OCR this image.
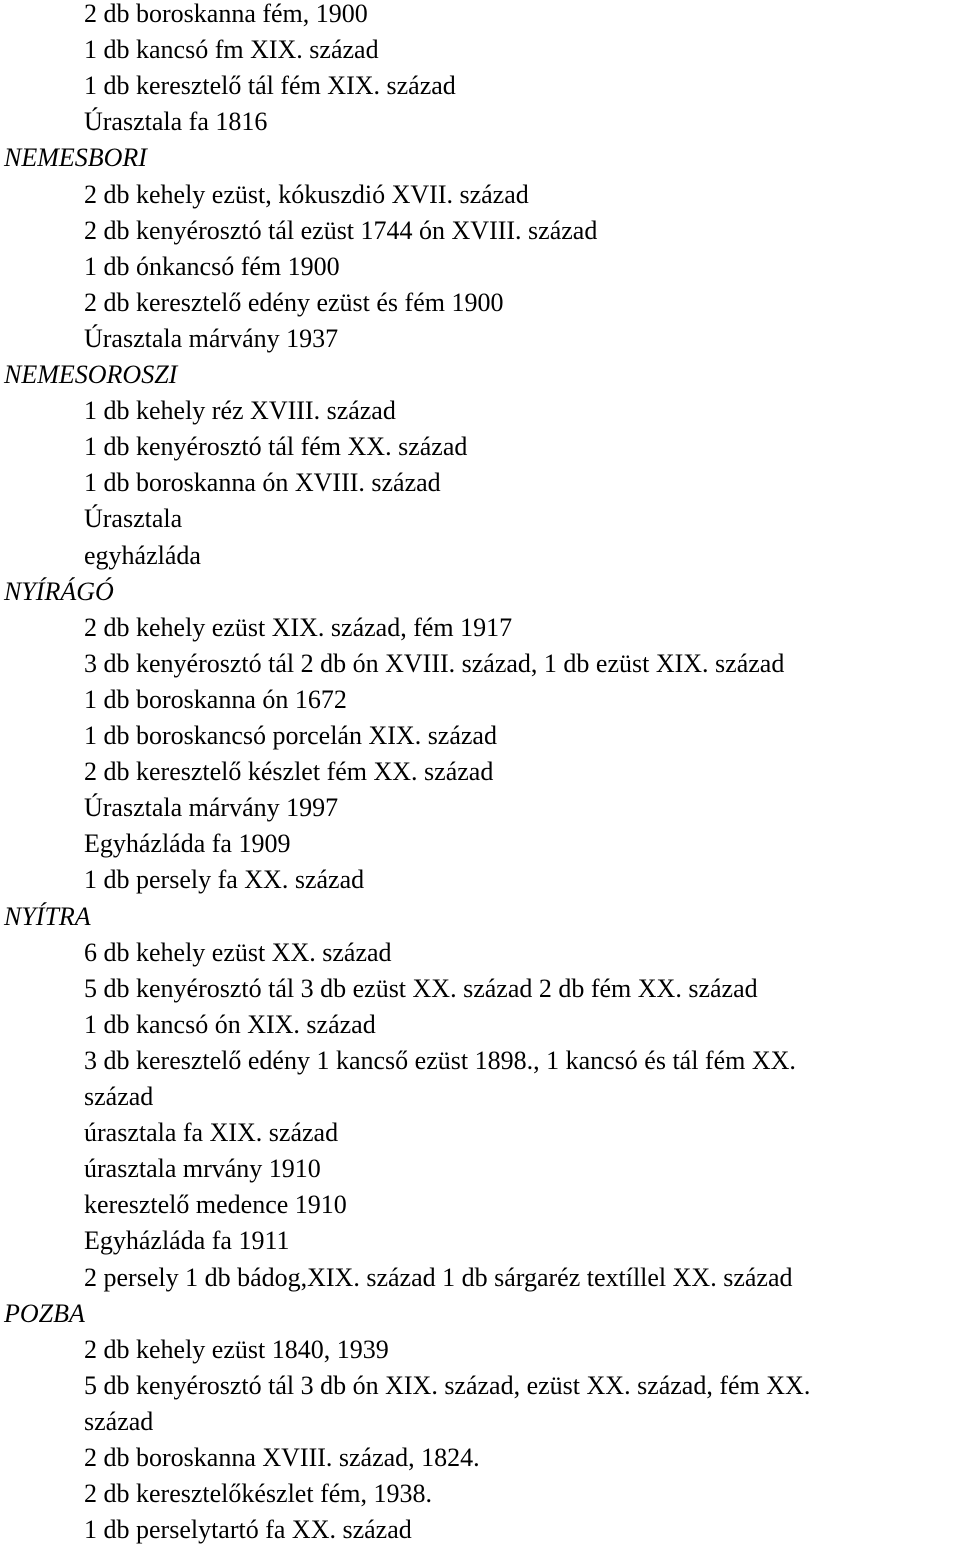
2 db boroskanna fém, 1900
1 db kancsó fm XIX. század
1 db keresztelő tál fém XIX. század
Úrasztala fa 1816
NEMESBORI
2 db kehely ezüst, kókuszdió XVII. század
2 db kenyérosztó tál ezüst 1744 ón XVIII. század
1 db ónkancsó fém 1900
2 db keresztelő edény ezüst és fém 1900
Úrasztala márvány 1937
NEMESOROSZI
1 db kehely réz XVIII. század
1 db kenyérosztó tál fém XX. század
1 db boroskanna ón XVIII. század
Úrasztala
egyházláda
NYÍRÁGÓ
2 db kehely ezüst XIX. század, fém 1917
3 db kenyérosztó tál 2 db ón XVIII. század, 1 db ezüst XIX. század
1 db boroskanna ón 1672
1 db boroskancsó porcelán XIX. század
2 db keresztelő készlet fém XX. század
Úrasztala márvány 1997
Egyházláda fa 1909
1 db persely fa XX. század
NYÍTRA
6 db kehely ezüst XX. század
5 db kenyérosztó tál 3 db ezüst XX. század 2 db fém XX. század
1 db kancsó ón XIX. század
3 db keresztelő edény 1 kancső ezüst 1898., 1 kancsó és tál fém XX.
század
úrasztala fa XIX. század
úrasztala mrvány 1910
keresztelő medence 1910
Egyházláda fa 1911
2 persely 1 db bádog,XIX. század 1 db sárgaréz textíllel XX. század
POZBA
2 db kehely ezüst 1840, 1939
5 db kenyérosztó tál 3 db ón XIX. század, ezüst XX. század, fém XX.
század
2 db boroskanna XVIII. század, 1824.
2 db keresztelőkészlet fém, 1938.
1 db perselytartó fa XX. század
